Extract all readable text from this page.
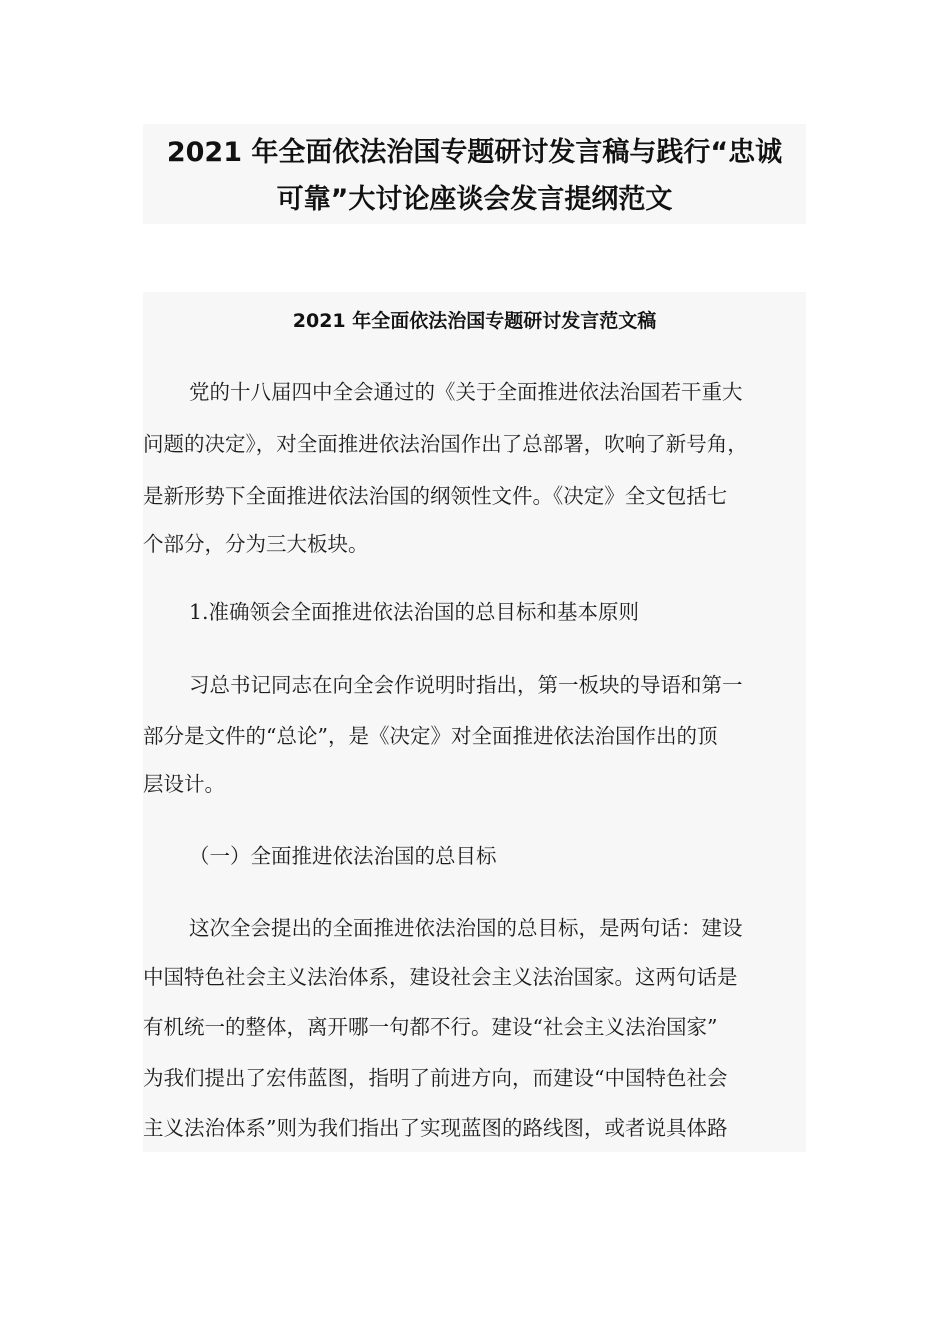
2021 年全面依法治国专题研讨发言稿与践行“忠诚
可靠”大讨论座谈会发言提纲范文
2021 年全面依法治国专题研讨发言范文稿
党的十八届四中全会通过的《关于全面推进依法治国若干重大
问题的决定》，对全面推进依法治国作出了总部署，吹响了新号角，
是新形势下全面推进依法治国的纲领性文件。《决定》全文包括七
个部分，分为三大板块。
1.准确领会全面推进依法治国的总目标和基本原则
习总书记同志在向全会作说明时指出，第一板块的导语和第一
部分是文件的“总论”，是《决定》对全面推进依法治国作出的顶
层设计。
（一）全面推进依法治国的总目标
这次全会提出的全面推进依法治国的总目标，是两句话：建设
中国特色社会主义法治体系，建设社会主义法治国家。这两句话是
有机统一的整体，离开哪一句都不行。建设“社会主义法治国家”
为我们提出了宏伟蓝图，指明了前进方向，而建设“中国特色社会
主义法治体系”则为我们指出了实现蓝图的路线图，或者说具体路
